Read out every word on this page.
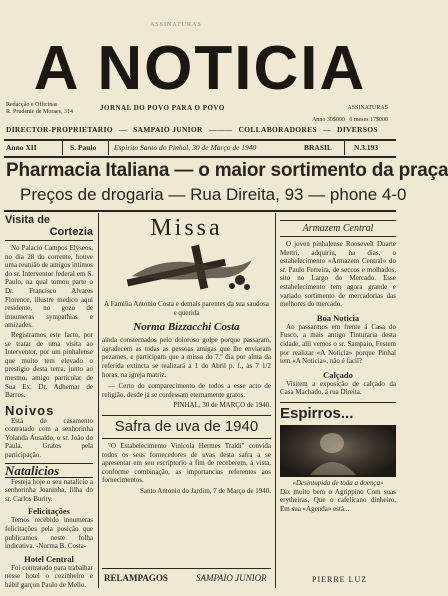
ASSINATURAS
A NOTICIA
Redacção e Officinas
R. Prudente de Moraes, 314	JORNAL DO POVO PARA O POVO	ASSINATURAS
Anno 30$000 6 meses 17$000
DIRECTOR-PROPRIETARIO — SAMPAIO JUNIOR ——— COLLABORADORES — DIVERSOS
Anno XII	S. Paulo Espirito Santo do Pinhal, 30 de Março de 1940	BRASIL	N.3.193
Pharmacia Italiana — o maior sortimento da praça
Preços de drogaria — Rua Direita, 93 — phone 4-0
Visita de
Cortezia
No Palacio Campos Elyseos, no dia 28 do corrente, houve uma reunião de amigos intimos do sr. Interventor federal em S. Paulo, na qual tomou parte o Dr. Francisco Alvares Florence, illustre medico aqui residente, no gozo de innumeras sympathias e amizades.
Registramos este facto, por se tratar de uma visita ao Interventor, por um pinhalense que muito tem elevado o prestigio desta terra, junto ao mesmo, amigo particular de Sua Ex. Dr. Adhemar de Barros.
Noivos
Está de casamento contratado com a senhorinha Yolanda Ausaldo, o sr. João do Paula. Gratos pela participação.
Natalicios
Festeja hoje o seu natalicio a senhorinha Joaninha, filha do sr. Carlos Burity.
Felicitações
Temos recebido innumeras felicitações pela posição que publicamos neste folha indicativa. -Norma B. Costa-
Hotel Central
Foi contratado para trabalhar nesse hotel o cozinheiro e hábil garçon Paulo de Mello.
Missa
A Familia Antonio Costa e demais parentes da sua saudosa e querida
Norma Bizzacchi Costa
ainda consternados pelo doloroso golpe porque passaram, agradecem as todas as pessoas amigas que lhe enviaram pezames, e participam que a missa do 7.º dia por alma da referida extincta se realizará a 1 do Abril p. f., às 7 1/2 horas, na igreja matriz.
— Certo do comparecimento de todos a esse acto de religião, desde já se confessam eternamente gratos.
PINHAL, 30 de MARÇO de 1940.
Safra de uva de 1940
"O Estabelecimento Vinicola Hermes Traldi" convida todos os seus fornecedores de uvas desta safra a se apresentar em seu escriptorio a fim de receberem, á vista, conforme combinação, as importancias referentes aos fornecimentos.
Santo Antonio do Jardim, 7 de Março de 1940.
RELAMPAGOS	SAMPAIO JUNIOR
Armazem Central
O joven pinhalense Roosevelt Duarte Mettri, adquiriu, ha dias, o estabelecimento «Armazem Central» do sr. Paulo Ferreira, de seccos e molhados, sito no Largo do Mercado. Esse estabelecimento tem agora grande e variado sortimento de mercadorias das melhores do mercado.
Boa Noticia
Ao passarmos em frente á Casa do Fusco, a mais antigo Tinturaria desta cidade, alli vemos o sr. Sampaio, Festem por realizar «A Noticia» porque Pinhal tem «A Noticia», não é facil?
Calçado
Visitem a exposição de calçado da Casa Machado, á rua Direita.
Espirros...
«Desintupida de toda a doença»
Diz muito bem o Agrippino Com suas erytheiras, Que o cafelicano dinheiro, Em sua «Agenda» está...
PIERRE LUZ
